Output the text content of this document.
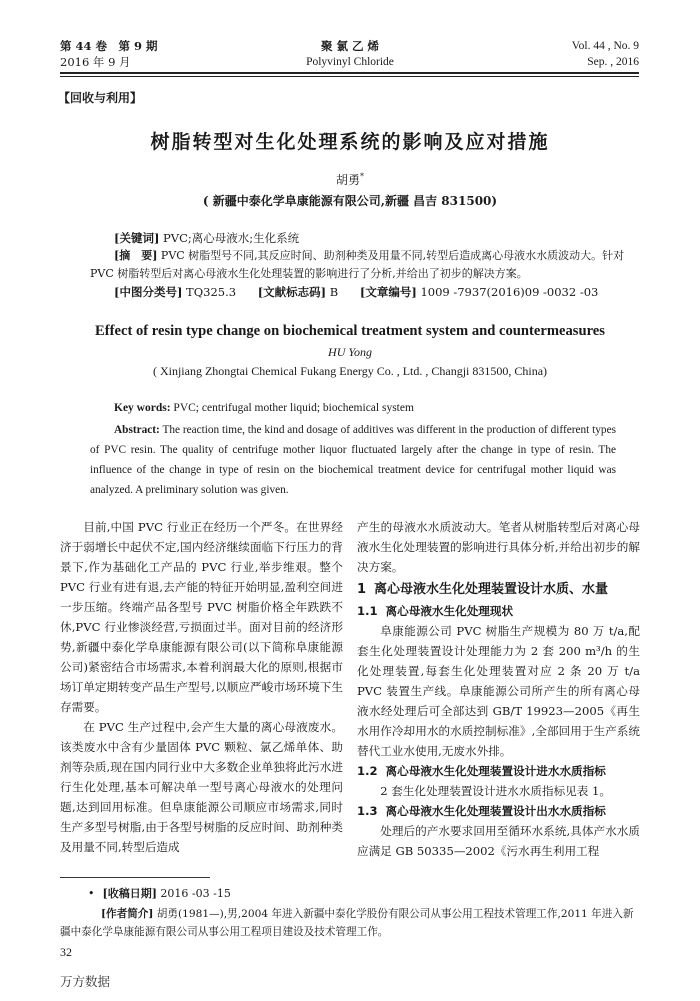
第 44 卷　第 9 期
2016 年 9 月
聚 氯 乙 烯
Polyvinyl Chloride
Vol. 44 , No. 9
Sep. , 2016
【回收与利用】
树脂转型对生化处理系统的影响及应对措施
胡勇*
( 新疆中泰化学阜康能源有限公司,新疆 昌吉 831500)
[关键词] PVC;离心母液水;生化系统
[摘　要] PVC 树脂型号不同,其反应时间、助剂种类及用量不同,转型后造成离心母液水水质波动大。针对
PVC 树脂转型后对离心母液水生化处理装置的影响进行了分析,并给出了初步的解决方案。
[中图分类号] TQ325.3 [文献标志码] B [文章编号] 1009 -7937(2016)09 -0032 -03
Effect of resin type change on biochemical treatment system and countermeasures
HU Yong
( Xinjiang Zhongtai Chemical Fukang Energy Co. , Ltd. , Changji 831500, China)
Key words: PVC; centrifugal mother liquid; biochemical system
Abstract: The reaction time, the kind and dosage of additives was different in the production of different types of PVC resin. The quality of centrifuge mother liquor fluctuated largely after the change in type of resin. The influence of the change in type of resin on the biochemical treatment device for centrifugal mother liquid was analyzed. A preliminary solution was given.

目前,中国 PVC 行业正在经历一个严冬。在世界经济于弱增长中起伏不定,国内经济继续面临下行压力的背景下,作为基础化工产品的 PVC 行业,举步维艰。整个 PVC 行业有进有退,去产能的特征开始明显,盈利空间进一步压缩。终端产品各型号 PVC 树脂价格全年跌跌不休,PVC 行业惨淡经营,亏损面过半。面对目前的经济形势,新疆中泰化学阜康能源有限公司(以下简称阜康能源公司)紧密结合市场需求,本着利润最大化的原则,根据市场订单定期转变产品生产型号,以顺应严峻市场环境下生存需要。

在 PVC 生产过程中,会产生大量的离心母液废水。该类废水中含有少量固体 PVC 颗粒、氯乙烯单体、助剂等杂质,现在国内同行业中大多数企业单独将此污水进行生化处理,基本可解决单一型号离心母液水的处理问题,达到回用标准。但阜康能源公司顺应市场需求,同时生产多型号树脂,由于各型号树脂的反应时间、助剂种类及用量不同,转型后造成

产生的母液水水质波动大。笔者从树脂转型后对离心母液水生化处理装置的影响进行具体分析,并给出初步的解决方案。

1 离心母液水生化处理装置设计水质、水量

1.1 离心母液水生化处理现状

阜康能源公司 PVC 树脂生产规模为 80 万 t/a,配套生化处理装置设计处理能力为 2 套 200 m³/h 的生化处理装置,每套生化处理装置对应 2 条 20 万 t/a PVC 装置生产线。阜康能源公司所产生的所有离心母液水经处理后可全部达到 GB/T 19923—2005《再生水用作冷却用水的水质控制标准》,全部回用于生产系统替代工业水使用,无废水外排。

1.2 离心母液水生化处理装置设计进水水质指标

2 套生化处理装置设计进水水质指标见表 1。

1.3 离心母液水生化处理装置设计出水水质指标

处理后的产水要求回用至循环水系统,具体产水水质应满足 GB 50335—2002《污水再生利用工程

• [收稿日期] 2016 -03 -15
[作者简介] 胡勇(1981—),男,2004 年进入新疆中泰化学股份有限公司从事公用工程技术管理工作,2011 年进入新
疆中泰化学阜康能源有限公司从事公用工程项目建设及技术管理工作。
32
万方数据
